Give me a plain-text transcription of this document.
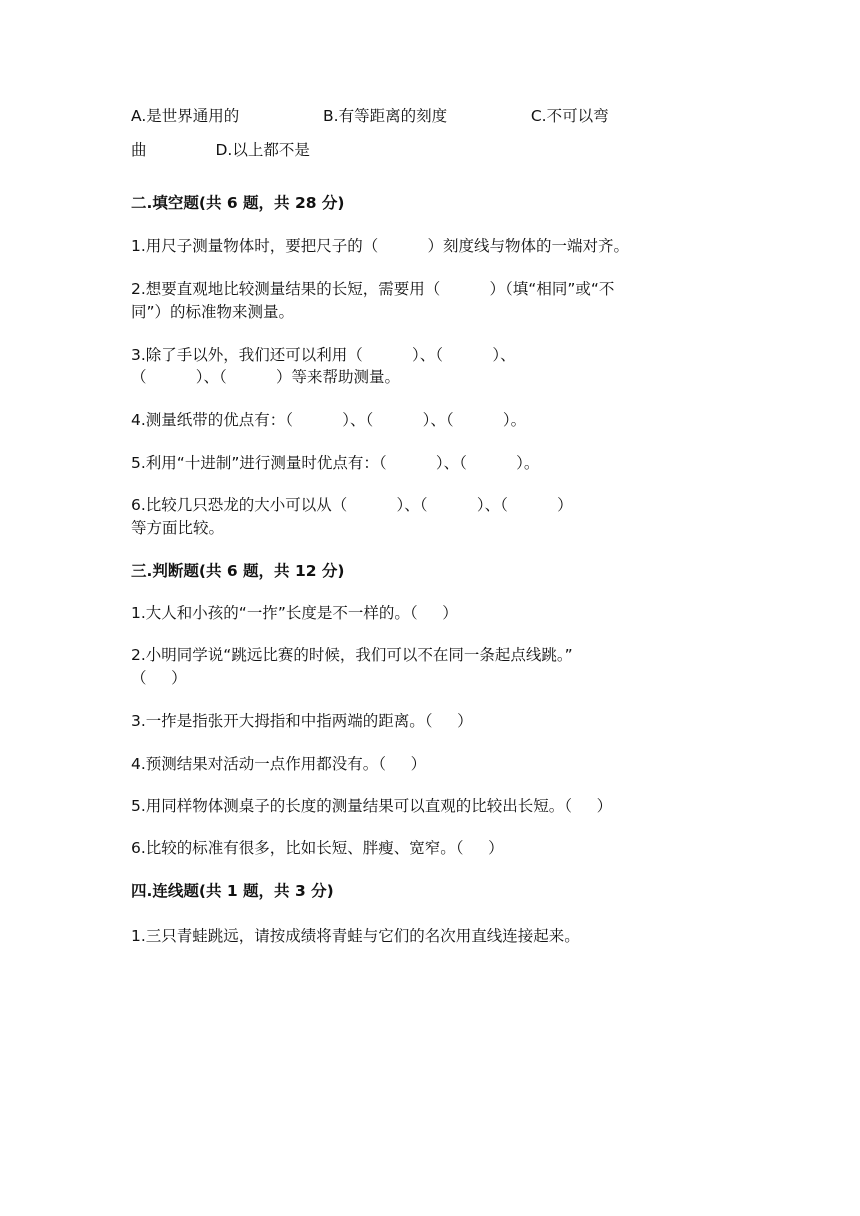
A.是世界通用的                 B.有等距离的刻度                 C.不可以弯
曲              D.以上都不是
二.填空题(共 6 题，共 28 分)
1.用尺子测量物体时，要把尺子的（          ）刻度线与物体的一端对齐。
2.想要直观地比较测量结果的长短，需要用（          ）（填“相同”或“不
同”）的标准物来测量。
3.除了手以外，我们还可以利用（          ）、（          ）、
（          ）、（          ）等来帮助测量。
4.测量纸带的优点有：（          ）、（          ）、（          ）。
5.利用“十进制”进行测量时优点有：（          ）、（          ）。
6.比较几只恐龙的大小可以从（          ）、（          ）、（          ）
等方面比较。
三.判断题(共 6 题，共 12 分)
1.大人和小孩的“一拃”长度是不一样的。（     ）
2.小明同学说“跳远比赛的时候，我们可以不在同一条起点线跳。”
（     ）
3.一拃是指张开大拇指和中指两端的距离。（     ）
4.预测结果对活动一点作用都没有。（     ）
5.用同样物体测桌子的长度的测量结果可以直观的比较出长短。（     ）
6.比较的标准有很多，比如长短、胖瘦、宽窄。（     ）
四.连线题(共 1 题，共 3 分)
1.三只青蛙跳远，请按成绩将青蛙与它们的名次用直线连接起来。
